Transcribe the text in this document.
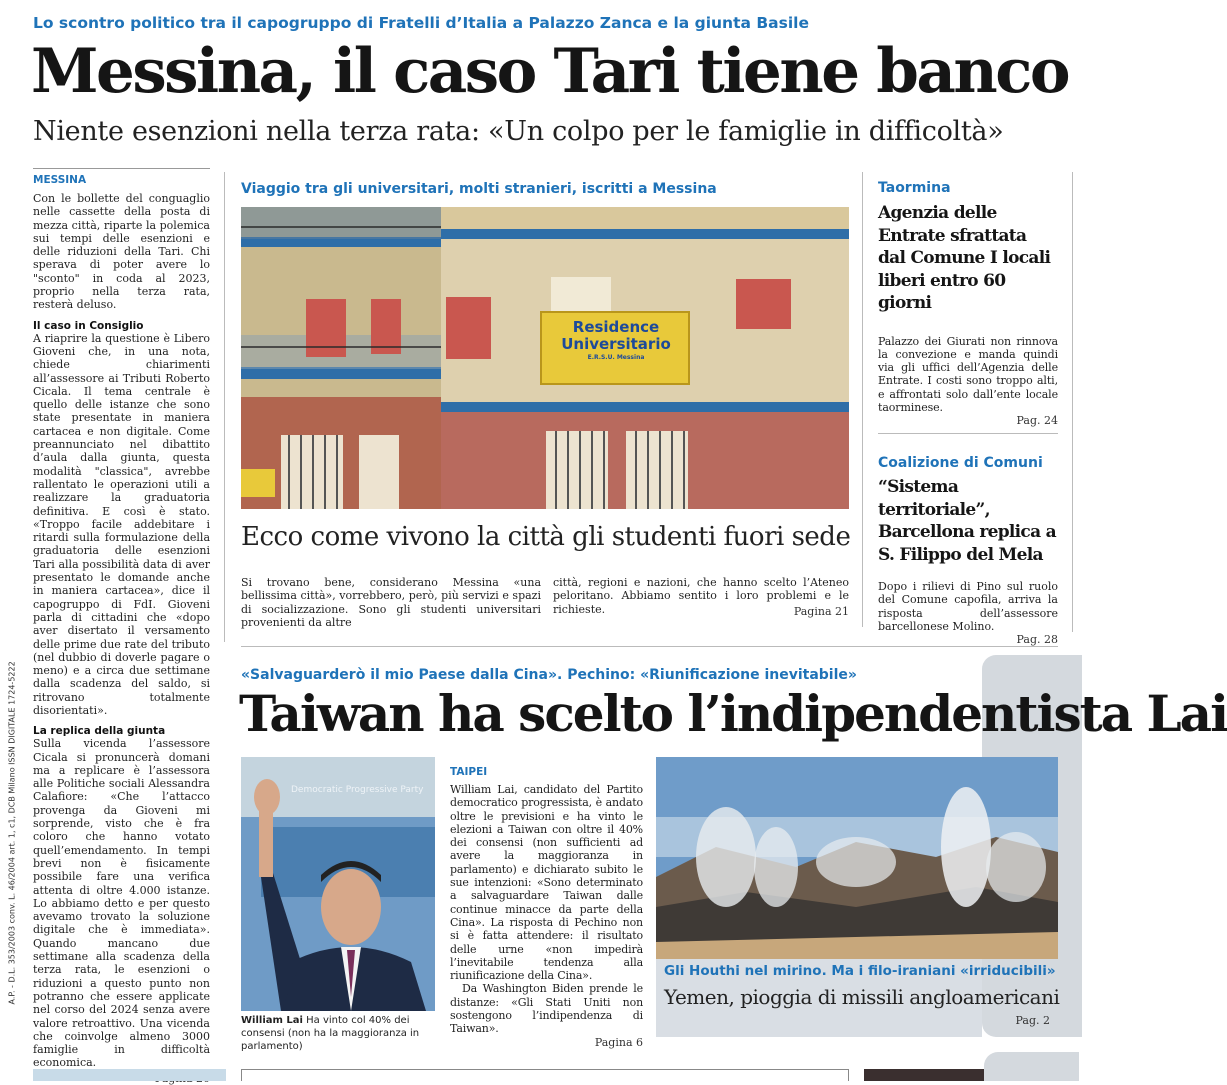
Lo scontro politico tra il capogruppo di Fratelli d’Italia a Palazzo Zanca e la giunta Basile
Messina, il caso Tari tiene banco
Niente esenzioni nella terza rata: «Un colpo per le famiglie in difficoltà»
A.P. - D.L. 353/2003 conv. L. 46/2004 art. 1, c1, DCB Milano ISSN DIGITALE 1724-5222
MESSINA
Con le bollette del conguaglio nelle cassette della posta di mezza città, riparte la polemica sui tempi delle esenzioni e delle riduzioni della Tari. Chi sperava di poter avere lo "sconto" in coda al 2023, proprio nella terza rata, resterà deluso.
Il caso in Consiglio
A riaprire la questione è Libero Gioveni che, in una nota, chiede chiarimenti all’assessore ai Tributi Roberto Cicala. Il tema centrale è quello delle istanze che sono state presentate in maniera cartacea e non digitale. Come preannunciato nel dibattito d’aula dalla giunta, questa modalità "classica", avrebbe rallentato le operazioni utili a realizzare la graduatoria definitiva. E così è stato. «Troppo facile addebitare i ritardi sulla formulazione della graduatoria delle esenzioni Tari alla possibilità data di aver presentato le domande anche in maniera cartacea», dice il capogruppo di FdI. Gioveni parla di cittadini che «dopo aver disertato il versamento delle prime due rate del tributo (nel dubbio di doverle pagare o meno) e a circa due settimane dalla scadenza del saldo, si ritrovano totalmente disorientati».
La replica della giunta
Sulla vicenda l’assessore Cicala si pronuncerà domani ma a replicare è l’assessora alle Politiche sociali Alessandra Calafiore: «Che l’attacco provenga da Gioveni mi sorprende, visto che è fra coloro che hanno votato quell’emendamento. In tempi brevi non è fisicamente possibile fare una verifica attenta di oltre 4.000 istanze. Lo abbiamo detto e per questo avevamo trovato la soluzione digitale che è immediata». Quando mancano due settimane alla scadenza della terza rata, le esenzioni o riduzioni a questo punto non potranno che essere applicate nel corso del 2024 senza avere valore retroattivo. Una vicenda che coinvolge almeno 3000 famiglie in difficoltà economica.
Viaggio tra gli universitari, molti stranieri, iscritti a Messina
Residence
Universitario
E.R.S.U. Messina
Ecco come vivono la città gli studenti fuori sede
Si trovano bene, considerano Messina «una bellissima città», vorrebbero, però, più servizi e spazi di socializzazione. Sono gli studenti universitari provenienti da altre
città, regioni e nazioni, che hanno scelto l’Ateneo peloritano. Abbiamo sentito i loro problemi e le richieste.	Pagina 21
Taormina
Agenzia delle Entrate sfrattata dal Comune I locali liberi entro 60 giorni
Palazzo dei Giurati non rinnova la convezione e manda quindi via gli uffici dell’Agenzia delle Entrate. I costi sono troppo alti, e affrontati solo dall’ente locale taorminese.
Pag. 24
Coalizione di Comuni
“Sistema territoriale”, Barcellona replica a S. Filippo del Mela
Dopo i rilievi di Pino sul ruolo del Comune capofila, arriva la risposta dell’assessore barcellonese Molino.
Pag. 28
«Salvaguarderò il mio Paese dalla Cina». Pechino: «Riunificazione inevitabile»
Taiwan ha scelto l’indipendentista Lai
Democratic Progressive Party
William Lai Ha vinto col 40% dei consensi (non ha la maggioranza in parlamento)
TAIPEI
William Lai, candidato del Partito democratico progressista, è andato oltre le previsioni e ha vinto le elezioni a Taiwan con oltre il 40% dei consensi (non sufficienti ad avere la maggioranza in parlamento) e dichiarato subito le sue intenzioni: «Sono determinato a salvaguardare Taiwan dalle continue minacce da parte della Cina». La risposta di Pechino non si è fatta attendere: il risultato delle urne «non impedirà l’inevitabile tendenza alla riunificazione della Cina».
Da Washington Biden prende le distanze: «Gli Stati Uniti non sostengono l’indipendenza di Taiwan».
Pagina 6
Gli Houthi nel mirino. Ma i filo-iraniani «irriducibili»
Yemen, pioggia di missili angloamericani
Pag. 2
